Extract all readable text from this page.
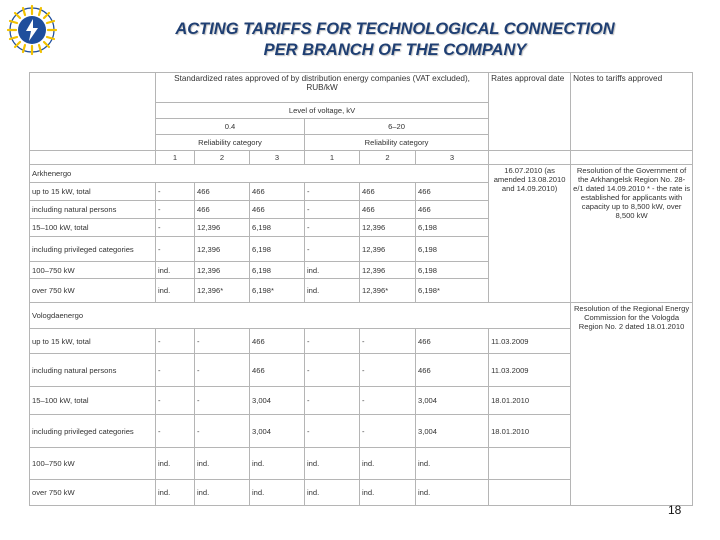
ACTING TARIFFS FOR TECHNOLOGICAL CONNECTION
PER BRANCH OF THE COMPANY
	Standardized rates approved of by distribution energy companies (VAT excluded), RUB/kW						Rates approval date	Notes to tariffs approved
	Level of voltage, kV							
	0.4			6–20				
	Reliability category			Reliability category				
	1	2	3	1	2	3		
Arkhenergo							16.07.2010 (as amended 13.08.2010 and 14.09.2010)	Resolution of the Government of the Arkhangelsk Region No. 28-e/1 dated 14.09.2010 * - the rate is established for applicants with capacity up to 8,500 kW, over 8,500 kW
up to 15 kW, total	-	466	466	-	466	466		
including natural persons	-	466	466	-	466	466		
15–100 kW, total	-	12,396	6,198	-	12,396	6,198		
including privileged categories	-	12,396	6,198	-	12,396	6,198		
100–750 kW	ind.	12,396	6,198	ind.	12,396	6,198		
over 750 kW	ind.	12,396*	6,198*	ind.	12,396*	6,198*		
Vologdaenergo								Resolution of the Regional Energy Commission for the Vologda Region No. 2 dated 18.01.2010
up to 15 kW, total	-	-	466	-	-	466	11.03.2009	
including natural persons	-	-	466	-	-	466	11.03.2009	
15–100 kW, total	-	-	3,004	-	-	3,004	18.01.2010	
including privileged categories	-	-	3,004	-	-	3,004	18.01.2010	
100–750 kW	ind.	ind.	ind.	ind.	ind.	ind.		
over 750 kW	ind.	ind.	ind.	ind.	ind.	ind.		
18
